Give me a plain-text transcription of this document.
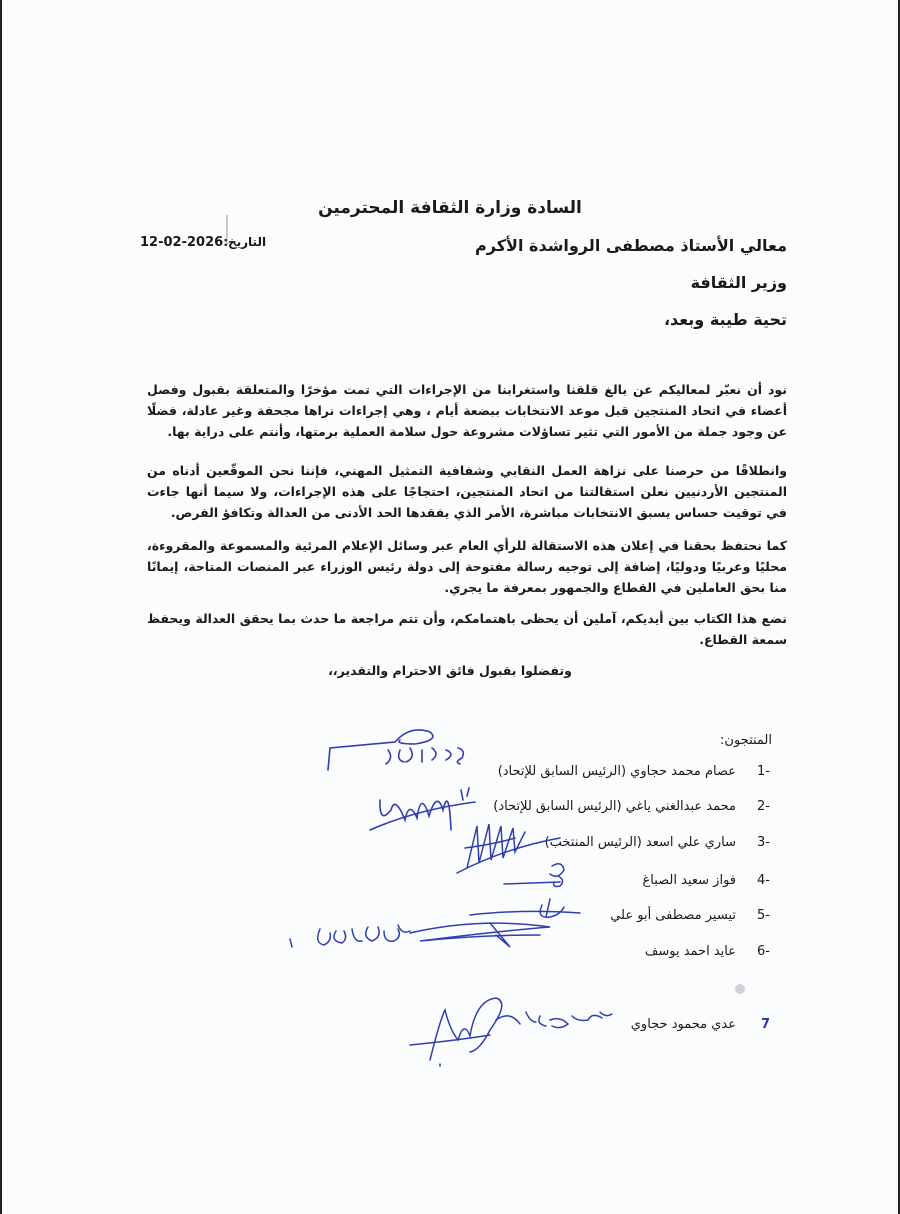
السادة وزارة الثقافة المحترمين
التاريخ:2026-02-12	معالي الأستاذ مصطفى الرواشدة الأكرم
وزير الثقافة
تحية طيبة وبعد،
نود أن نعبّر لمعاليكم عن بالغ قلقنا واستغرابنا من الإجراءات التي تمت مؤخرًا والمتعلقة بقبول وفصل أعضاء في اتحاد المنتجين قبل موعد الانتخابات ببضعة أيام ، وهي إجراءات نراها مجحفة وغير عادلة، فضلًا عن وجود جملة من الأمور التي تثير تساؤلات مشروعة حول سلامة العملية برمتها، وأنتم على دراية بها.
وانطلاقًا من حرصنا على نزاهة العمل النقابي وشفافية التمثيل المهني، فإننا نحن الموقّعين أدناه من المنتجين الأردنيين نعلن استقالتنا من اتحاد المنتجين، احتجاجًا على هذه الإجراءات، ولا سيما أنها جاءت في توقيت حساس يسبق الانتخابات مباشرة، الأمر الذي يفقدها الحد الأدنى من العدالة وتكافؤ الفرص.
كما نحتفظ بحقنا في إعلان هذه الاستقالة للرأي العام عبر وسائل الإعلام المرئية والمسموعة والمقروءة، محليًا وعربيًا ودوليًا، إضافة إلى توجيه رسالة مفتوحة إلى دولة رئيس الوزراء عبر المنصات المتاحة، إيمانًا منا بحق العاملين في القطاع والجمهور بمعرفة ما يجري.
نضع هذا الكتاب بين أيديكم، آملين أن يحظى باهتمامكم، وأن تتم مراجعة ما حدث بما يحقق العدالة ويحفظ سمعة القطاع.
وتفضلوا بقبول فائق الاحترام والتقدير،،
المنتجون:
-1عصام محمد حجاوي (الرئيس السابق للإتحاد)
-2محمد عبدالغني ياغي (الرئيس السابق للإتحاد)
-3ساري علي اسعد (الرئيس المنتخب)
-4فواز سعيد الصباغ
-5تيسير مصطفى أبو علي
-6عايد احمد يوسف
7عدي محمود حجاوي
